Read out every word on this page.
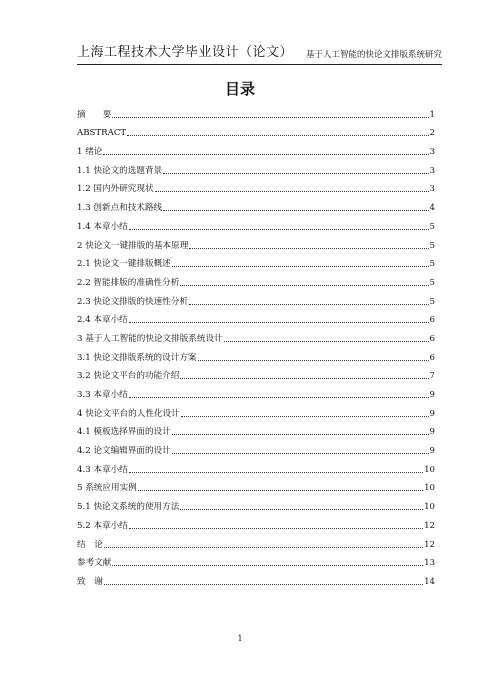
上海工程技术大学毕业设计（论文） 基于人工智能的快论文排版系统研究
目录
摘　　要	1
ABSTRACT	2
1 绪论	3
1.1 快论文的选题背景	3
1.2 国内外研究现状	3
1.3 创新点和技术路线	4
1.4 本章小结	5
2 快论文一键排版的基本原理	5
2.1 快论文一键排版概述	5
2.2 智能排版的准确性分析	5
2.3 快论文排版的快速性分析	5
2.4 本章小结	6
3 基于人工智能的快论文排版系统设计	6
3.1 快论文排版系统的设计方案	6
3.2 快论文平台的功能介绍	7
3.3 本章小结	9
4 快论文平台的人性化设计	9
4.1 模板选择界面的设计	9
4.2 论文编辑界面的设计	9
4.3 本章小结	10
5 系统应用实例	10
5.1 快论文系统的使用方法	10
5.2 本章小结	12
结　论	12
参考文献	13
致　谢	14
1
